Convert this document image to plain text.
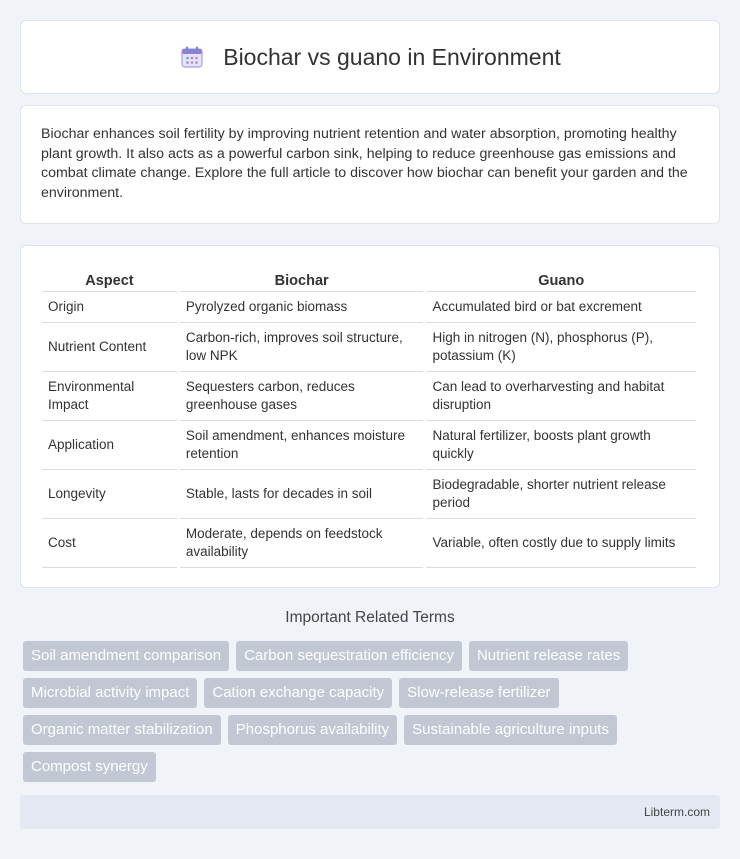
Biochar vs guano in Environment

Biochar enhances soil fertility by improving nutrient retention and water absorption, promoting healthy plant growth. It also acts as a powerful carbon sink, helping to reduce greenhouse gas emissions and combat climate change. Explore the full article to discover how biochar can benefit your garden and the environment.

Aspect	Biochar	Guano
Origin	Pyrolyzed organic biomass	Accumulated bird or bat excrement
Nutrient Content	Carbon-rich, improves soil structure, low NPK	High in nitrogen (N), phosphorus (P), potassium (K)
Environmental Impact	Sequesters carbon, reduces greenhouse gases	Can lead to overharvesting and habitat disruption
Application	Soil amendment, enhances moisture retention	Natural fertilizer, boosts plant growth quickly
Longevity	Stable, lasts for decades in soil	Biodegradable, shorter nutrient release period
Cost	Moderate, depends on feedstock availability	Variable, often costly due to supply limits
Important Related Terms
Soil amendment comparison	Carbon sequestration efficiency	Nutrient release rates
Microbial activity impact	Cation exchange capacity	Slow-release fertilizer
Organic matter stabilization	Phosphorus availability	Sustainable agriculture inputs
Compost synergy
Libterm.com
